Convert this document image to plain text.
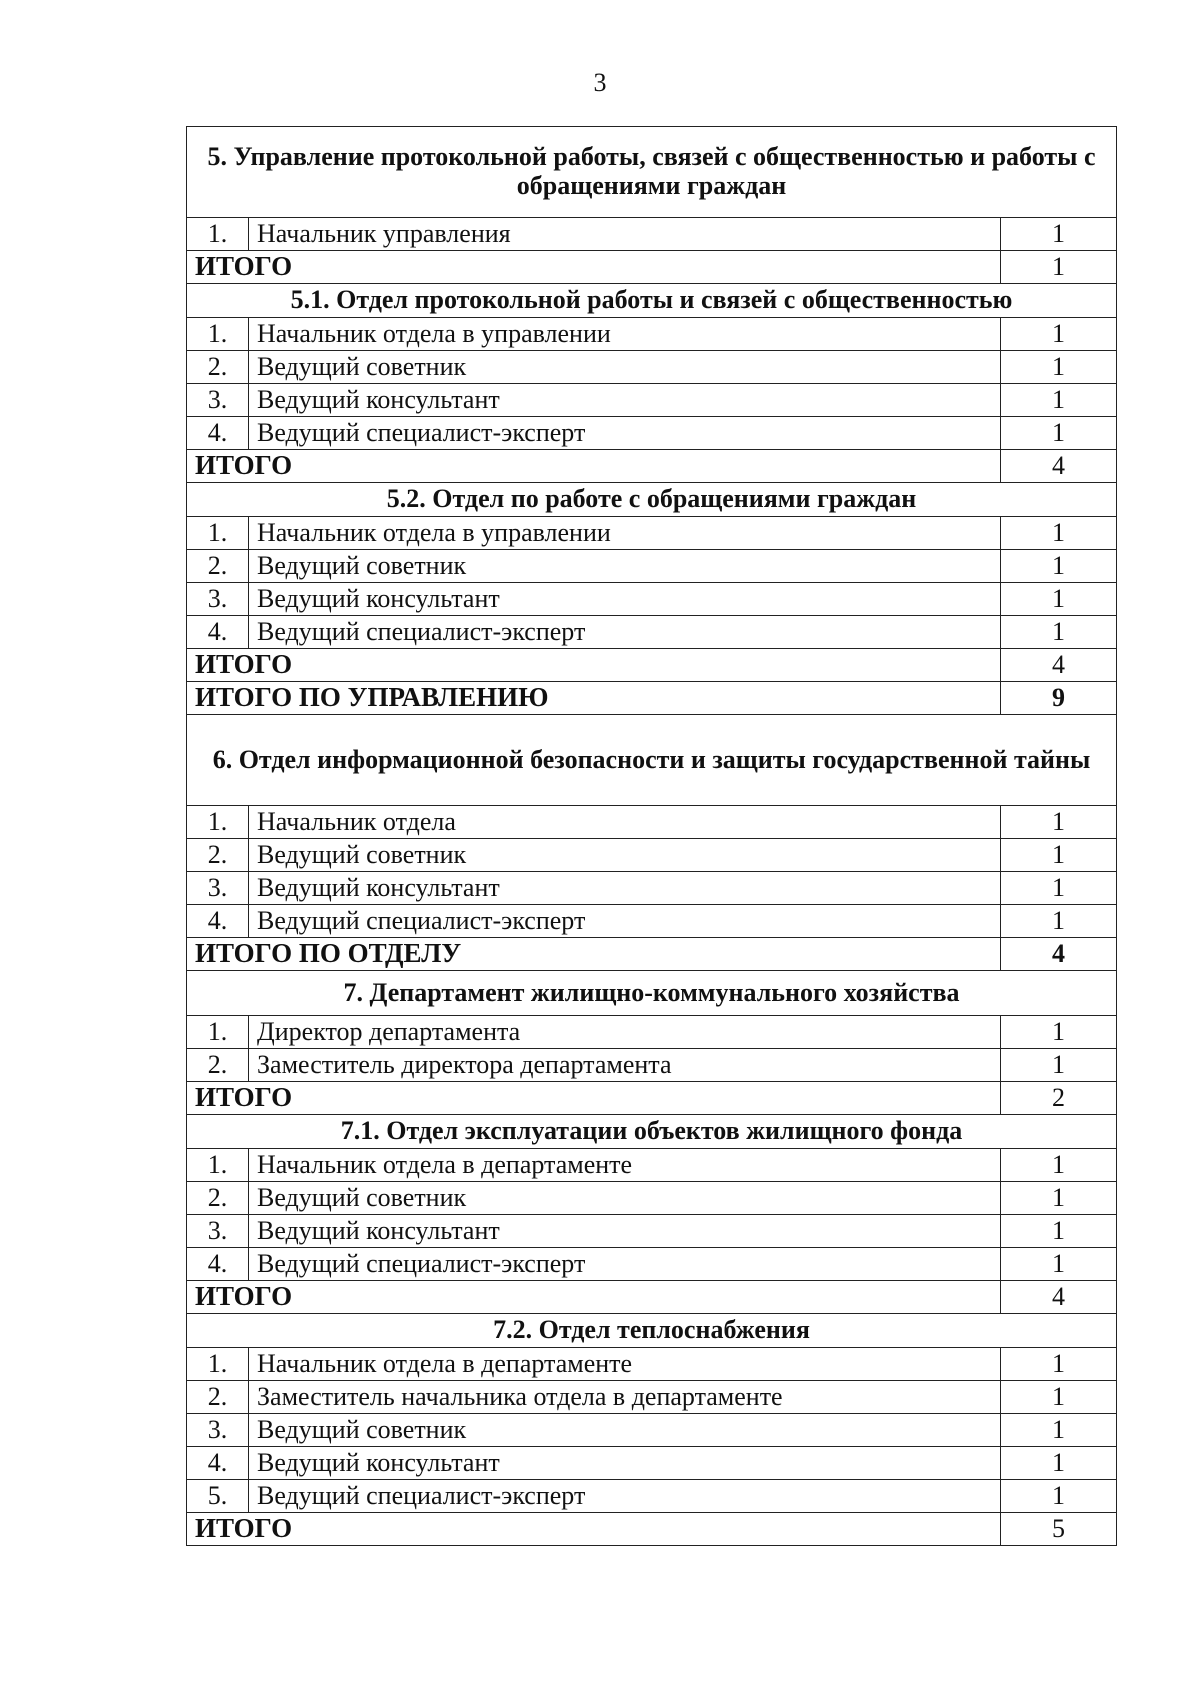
3
5. Управление протокольной работы, связей с общественностью и работы с обращениями граждан		
1.	Начальник управления	1
ИТОГО		1
5.1. Отдел протокольной работы и связей с общественностью		
1.	Начальник отдела в управлении	1
2.	Ведущий советник	1
3.	Ведущий консультант	1
4.	Ведущий специалист-эксперт	1
ИТОГО		4
5.2. Отдел по работе с обращениями граждан		
1.	Начальник отдела в управлении	1
2.	Ведущий советник	1
3.	Ведущий консультант	1
4.	Ведущий специалист-эксперт	1
ИТОГО		4
ИТОГО ПО УПРАВЛЕНИЮ		9
6. Отдел информационной безопасности и защиты государственной тайны		
1.	Начальник отдела	1
2.	Ведущий советник	1
3.	Ведущий консультант	1
4.	Ведущий специалист-эксперт	1
ИТОГО ПО ОТДЕЛУ		4
7. Департамент жилищно-коммунального хозяйства		
1.	Директор департамента	1
2.	Заместитель директора департамента	1
ИТОГО		2
7.1. Отдел эксплуатации объектов жилищного фонда		
1.	Начальник отдела в департаменте	1
2.	Ведущий советник	1
3.	Ведущий консультант	1
4.	Ведущий специалист-эксперт	1
ИТОГО		4
7.2. Отдел теплоснабжения		
1.	Начальник отдела в департаменте	1
2.	Заместитель начальника отдела в департаменте	1
3.	Ведущий советник	1
4.	Ведущий консультант	1
5.	Ведущий специалист-эксперт	1
ИТОГО		5
